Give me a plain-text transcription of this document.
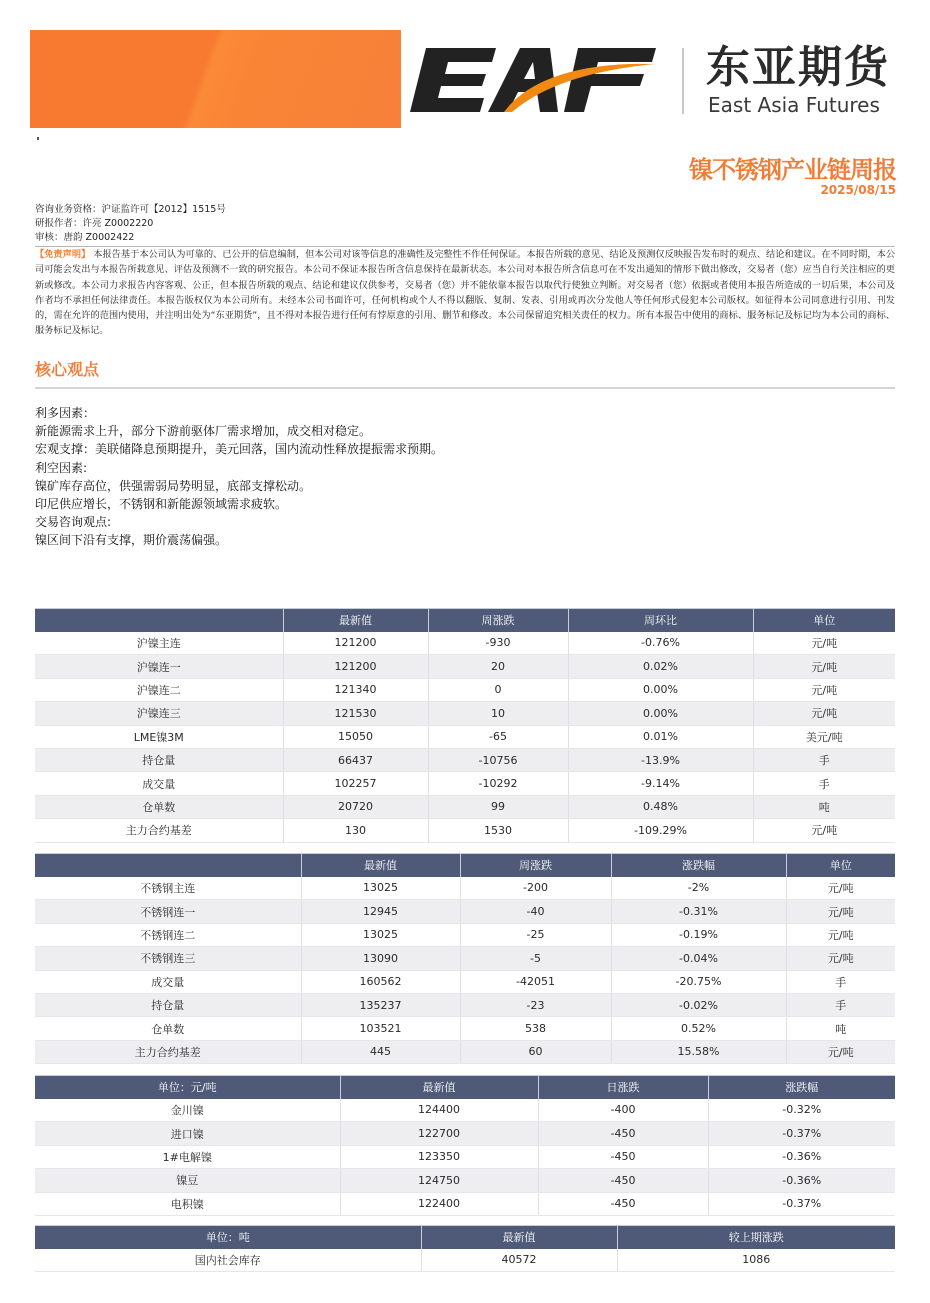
东亚期货
East Asia Futures
镍不锈钢产业链周报
2025/08/15
咨询业务资格：沪证监许可【2012】1515号
研报作者：许亮 Z0002220
审核：唐韵 Z0002422
【免责声明】 本报告基于本公司认为可靠的、已公开的信息编制，但本公司对该等信息的准确性及完整性不作任何保证。本报告所载的意见、结论及预测仅反映报告发布时的观点、结论和建议。在不同时期，本公司可能会发出与本报告所载意见、评估及预测不一致的研究报告。本公司不保证本报告所含信息保持在最新状态。本公司对本报告所含信息可在不发出通知的情形下做出修改，交易者（您）应当自行关注相应的更新或修改。本公司力求报告内容客观、公正，但本报告所载的观点、结论和建议仅供参考，交易者（您）并不能依靠本报告以取代行使独立判断。对交易者（您）依据或者使用本报告所造成的一切后果，本公司及作者均不承担任何法律责任。本报告版权仅为本公司所有。未经本公司书面许可，任何机构或个人不得以翻版、复制、发表、引用或再次分发他人等任何形式侵犯本公司版权。如征得本公司同意进行引用、刊发的，需在允许的范围内使用，并注明出处为“东亚期货”，且不得对本报告进行任何有悖原意的引用、删节和修改。本公司保留追究相关责任的权力。所有本报告中使用的商标、服务标记及标记均为本公司的商标、服务标记及标记。
核心观点
利多因素：
新能源需求上升，部分下游前驱体厂需求增加，成交相对稳定。
宏观支撑：美联储降息预期提升，美元回落，国内流动性释放提振需求预期。
利空因素:
镍矿库存高位，供强需弱局势明显，底部支撑松动。
印尼供应增长，不锈钢和新能源领域需求疲软。
交易咨询观点:
镍区间下沿有支撑，期价震荡偏强。
	最新值	周涨跌	周环比	单位
沪镍主连	121200	-930	-0.76%	元/吨
沪镍连一	121200	20	0.02%	元/吨
沪镍连二	121340	0	0.00%	元/吨
沪镍连三	121530	10	0.00%	元/吨
LME镍3M	15050	-65	0.01%	美元/吨
持仓量	66437	-10756	-13.9%	手
成交量	102257	-10292	-9.14%	手
仓单数	20720	99	0.48%	吨
主力合约基差	130	1530	-109.29%	元/吨
	最新值	周涨跌	涨跌幅	单位
不锈钢主连	13025	-200	-2%	元/吨
不锈钢连一	12945	-40	-0.31%	元/吨
不锈钢连二	13025	-25	-0.19%	元/吨
不锈钢连三	13090	-5	-0.04%	元/吨
成交量	160562	-42051	-20.75%	手
持仓量	135237	-23	-0.02%	手
仓单数	103521	538	0.52%	吨
主力合约基差	445	60	15.58%	元/吨
单位：元/吨	最新值	日涨跌	涨跌幅
金川镍	124400	-400	-0.32%
进口镍	122700	-450	-0.37%
1#电解镍	123350	-450	-0.36%
镍豆	124750	-450	-0.36%
电积镍	122400	-450	-0.37%
单位：吨	最新值	较上期涨跌
国内社会库存	40572	1086
